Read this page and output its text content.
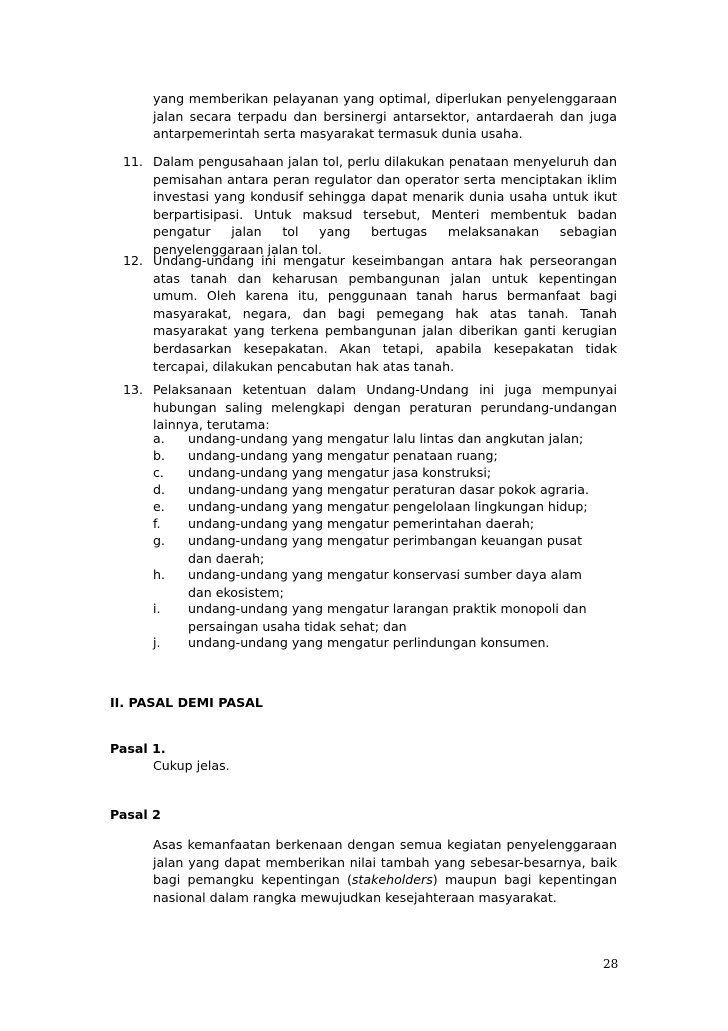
yang memberikan pelayanan yang optimal, diperlukan penyelenggaraan jalan secara terpadu dan bersinergi antarsektor, antardaerah dan juga antarpemerintah serta masyarakat termasuk dunia usaha.

11. Dalam pengusahaan jalan tol, perlu dilakukan penataan menyeluruh dan pemisahan antara peran regulator dan operator serta menciptakan iklim investasi yang kondusif sehingga dapat menarik dunia usaha untuk ikut berpartisipasi. Untuk maksud tersebut, Menteri membentuk badan pengatur jalan tol yang bertugas melaksanakan sebagian penyelenggaraan jalan tol.
12. Undang-undang ini mengatur keseimbangan antara hak perseorangan atas tanah dan keharusan pembangunan jalan untuk kepentingan umum. Oleh karena itu, penggunaan tanah harus bermanfaat bagi masyarakat, negara, dan bagi pemegang hak atas tanah. Tanah masyarakat yang terkena pembangunan jalan diberikan ganti kerugian berdasarkan kesepakatan. Akan tetapi, apabila kesepakatan tidak tercapai, dilakukan pencabutan hak atas tanah.
13. Pelaksanaan ketentuan dalam Undang-Undang ini juga mempunyai hubungan saling melengkapi dengan peraturan perundang-undangan lainnya, terutama:
a. undang-undang yang mengatur lalu lintas dan angkutan jalan;
b. undang-undang yang mengatur penataan ruang;
c. undang-undang yang mengatur jasa konstruksi;
d. undang-undang yang mengatur peraturan dasar pokok agraria.
e. undang-undang yang mengatur pengelolaan lingkungan hidup;
f. undang-undang yang mengatur pemerintahan daerah;
g. undang-undang yang mengatur perimbangan keuangan pusat dan daerah;
h. undang-undang yang mengatur konservasi sumber daya alam dan ekosistem;
i. undang-undang yang mengatur larangan praktik monopoli dan persaingan usaha tidak sehat; dan
j. undang-undang yang mengatur perlindungan konsumen.
II. PASAL DEMI PASAL
Pasal 1.
Cukup jelas.
Pasal 2

Asas kemanfaatan berkenaan dengan semua kegiatan penyelenggaraan jalan yang dapat memberikan nilai tambah yang sebesar-besarnya, baik bagi pemangku kepentingan (stakeholders) maupun bagi kepentingan nasional dalam rangka mewujudkan kesejahteraan masyarakat.

28
